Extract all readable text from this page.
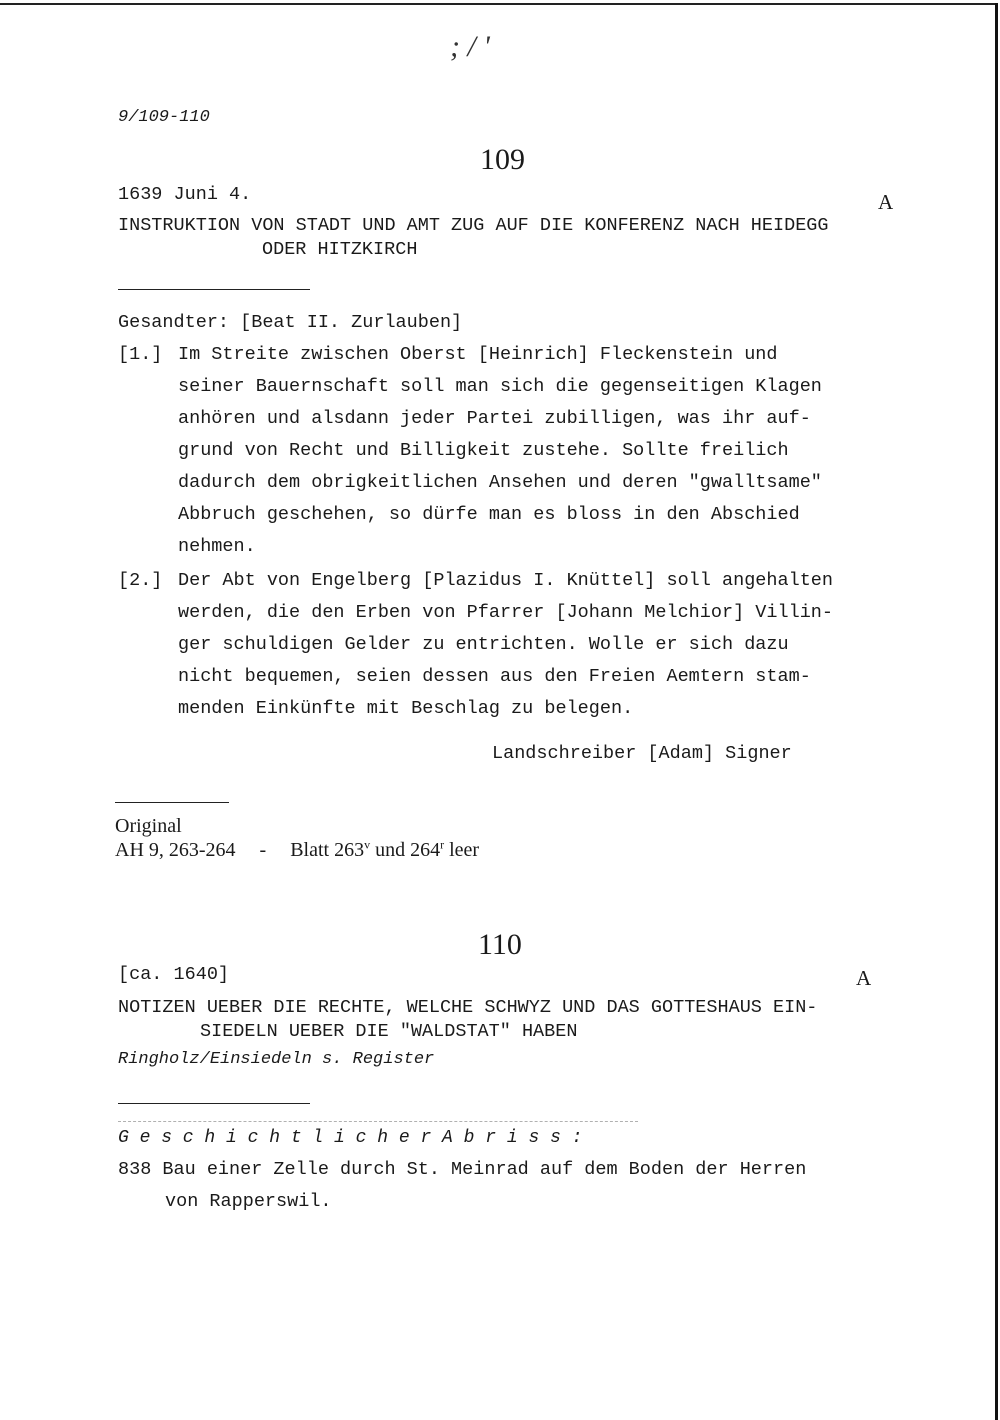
; / '
9/109-110
109
1639 Juni 4.	A
INSTRUKTION VON STADT UND AMT ZUG AUF DIE KONFERENZ NACH HEIDEGG
ODER HITZKIRCH
Gesandter: [Beat II. Zurlauben]
[1.] Im Streite zwischen Oberst [Heinrich] Fleckenstein und
seiner Bauernschaft soll man sich die gegenseitigen Klagen
anhören und alsdann jeder Partei zubilligen, was ihr auf-
grund von Recht und Billigkeit zustehe. Sollte freilich
dadurch dem obrigkeitlichen Ansehen und deren "gwalltsame"
Abbruch geschehen, so dürfe man es bloss in den Abschied
nehmen.
[2.] Der Abt von Engelberg [Plazidus I. Knüttel] soll angehalten
werden, die den Erben von Pfarrer [Johann Melchior] Villin-
ger schuldigen Gelder zu entrichten. Wolle er sich dazu
nicht bequemen, seien dessen aus den Freien Aemtern stam-
menden Einkünfte mit Beschlag zu belegen.
Landschreiber [Adam] Signer
Original
AH 9, 263-264 - Blatt 263$^v$ und 264$^r$ leer
110
[ca. 1640]	A
NOTIZEN UEBER DIE RECHTE, WELCHE SCHWYZ UND DAS GOTTESHAUS EIN-
SIEDELN UEBER DIE "WALDSTAT" HABEN
Ringholz/Einsiedeln s. Register
G e s c h i c h t l i c h e r A b r i s s :
838 Bau einer Zelle durch St. Meinrad auf dem Boden der Herren
von Rapperswil.
